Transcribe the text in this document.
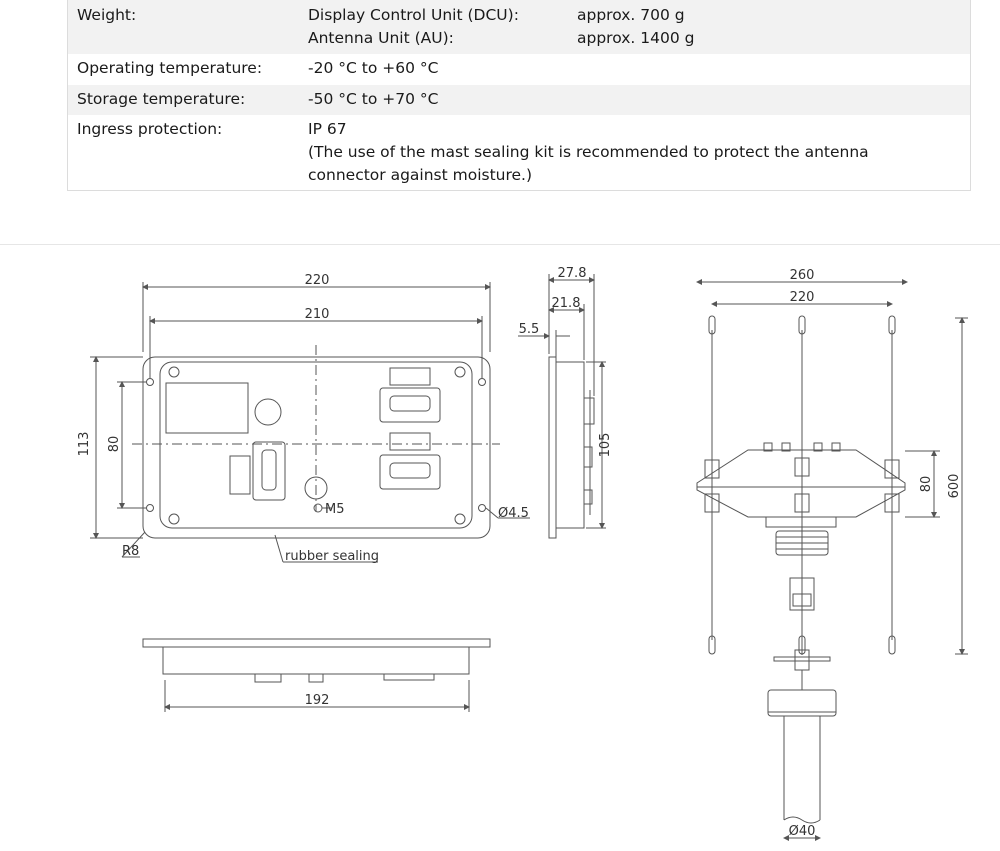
Weight:	Display Control Unit (DCU): approx. 700 g
Antenna Unit (AU): approx. 1400 g

Operating temperature:	-20 °C to +60 °C
Storage temperature:	-50 °C to +70 °C
Ingress protection:	IP 67
(The use of the mast sealing kit is recommended to protect the antenna
connector against moisture.)
220
210
113 80
R8
M5	Ø4.5
rubber sealing
27.8
21.8
5.5
105
192
260
220
80 600
Ø40
